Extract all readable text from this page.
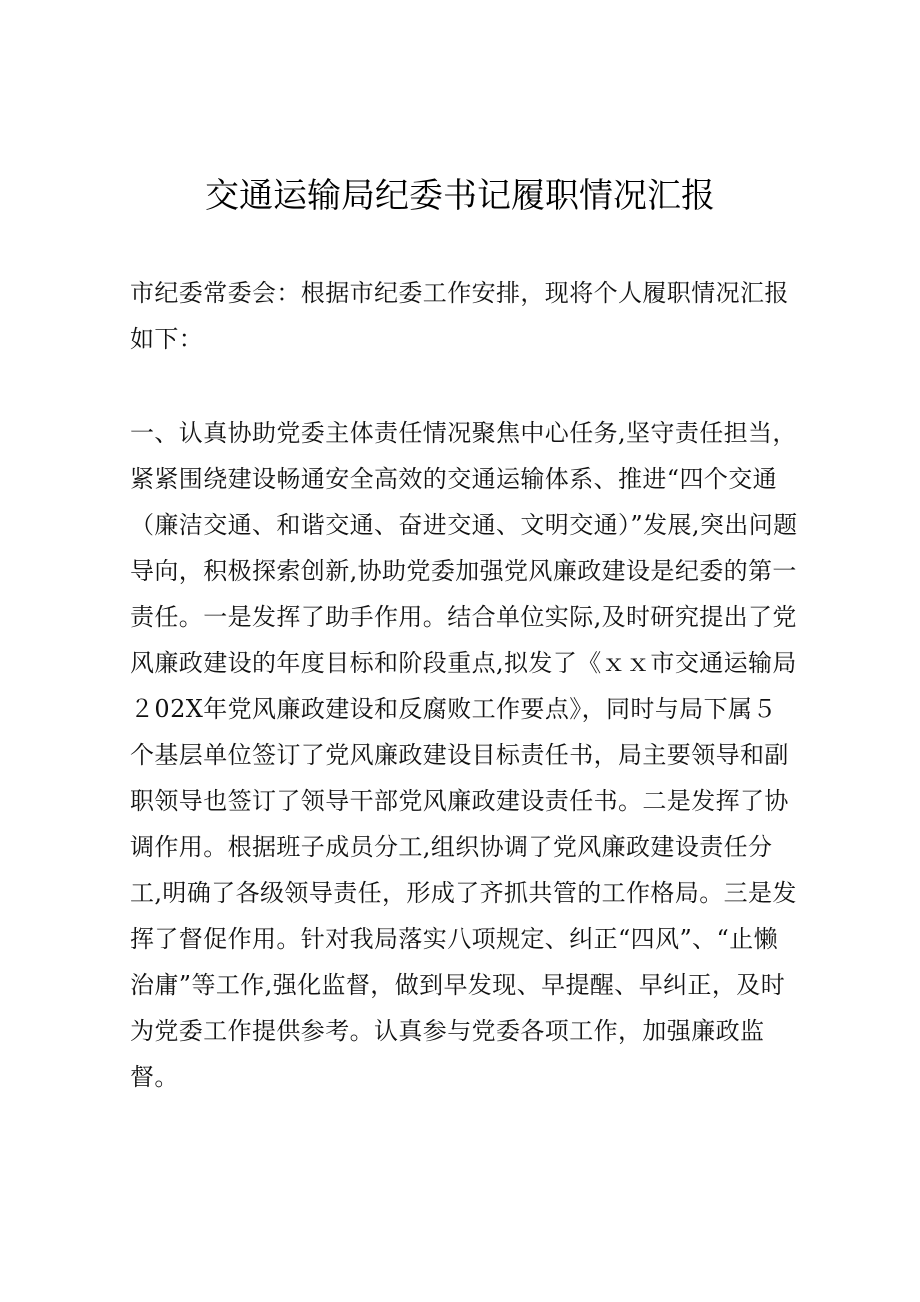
交通运输局纪委书记履职情况汇报
市纪委常委会：根据市纪委工作安排，现将个人履职情况汇报如下：
一、认真协助党委主体责任情况聚焦中心任务,坚守责任担当，紧紧围绕建设畅通安全高效的交通运输体系、推进“四个交通（廉洁交通、和谐交通、奋进交通、文明交通）”发展,突出问题导向，积极探索创新,协助党委加强党风廉政建设是纪委的第一责任。一是发挥了助手作用。结合单位实际,及时研究提出了党风廉政建设的年度目标和阶段重点,拟发了《ｘｘ市交通运输局２02X年党风廉政建设和反腐败工作要点》，同时与局下属５个基层单位签订了党风廉政建设目标责任书，局主要领导和副职领导也签订了领导干部党风廉政建设责任书。二是发挥了协调作用。根据班子成员分工,组织协调了党风廉政建设责任分工,明确了各级领导责任，形成了齐抓共管的工作格局。三是发挥了督促作用。针对我局落实八项规定、纠正“四风”、“止懒治庸”等工作,强化监督，做到早发现、早提醒、早纠正，及时为党委工作提供参考。认真参与党委各项工作，加强廉政监督。
